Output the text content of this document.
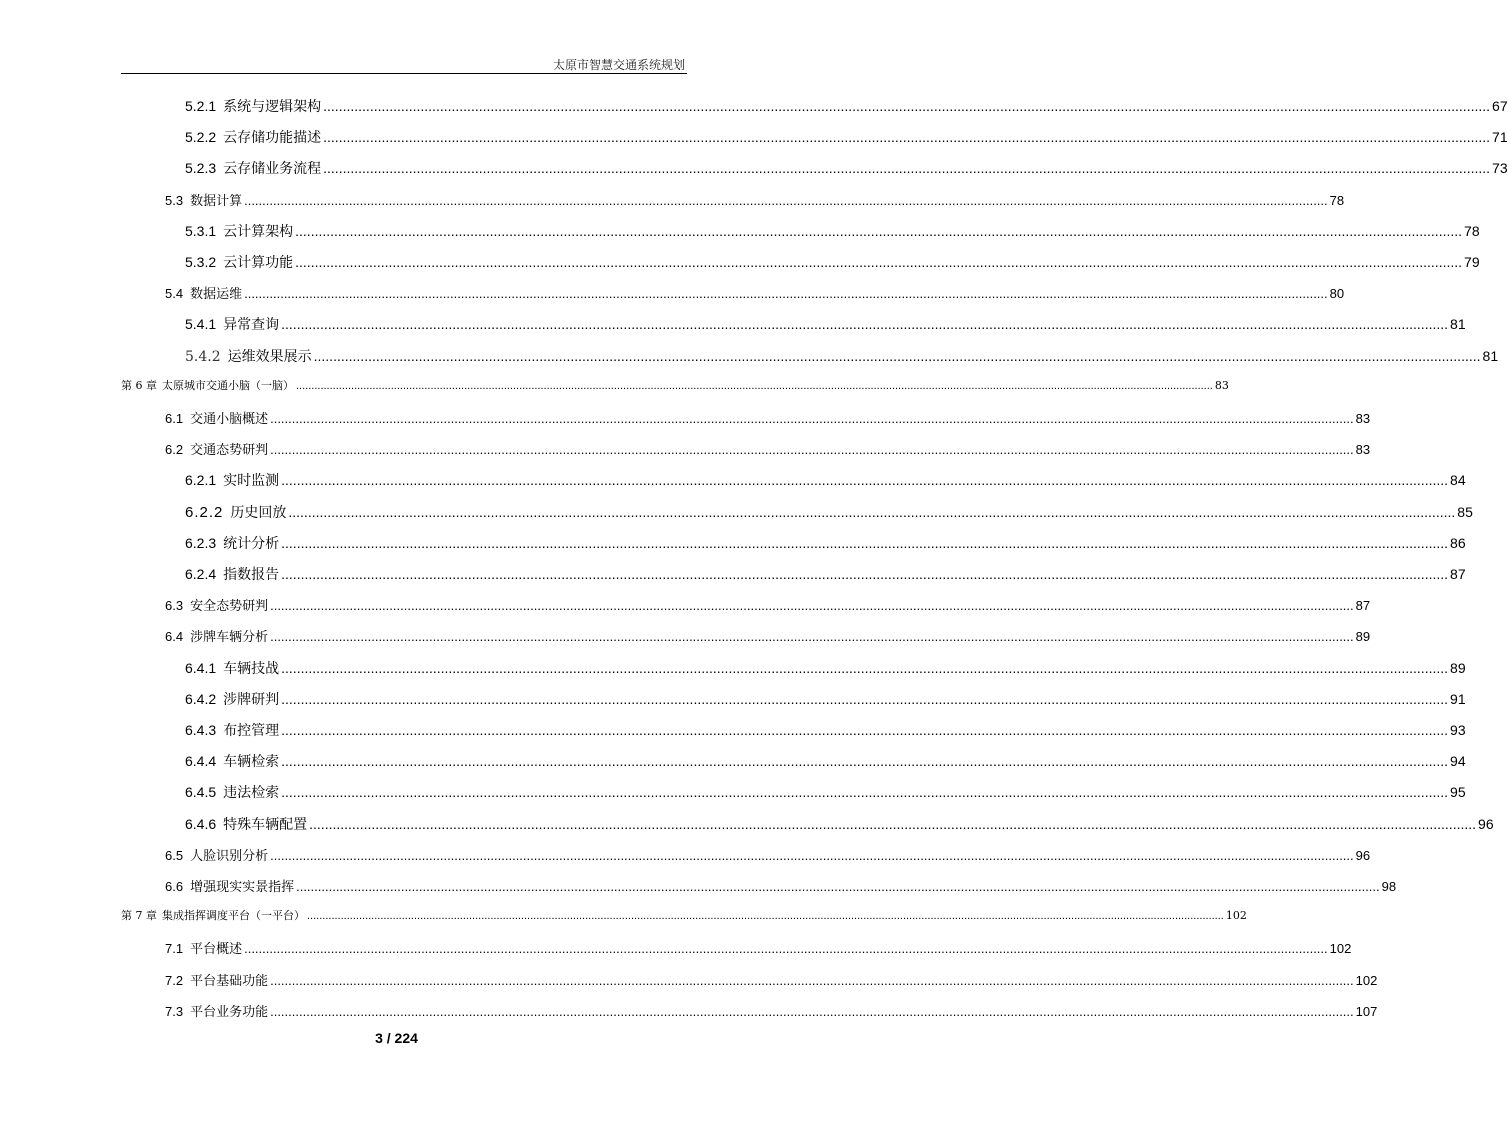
太原市智慧交通系统规划
5.2.1 系统与逻辑架构 ............................................................................................................................................................................................................................................................................................................ 67
5.2.2 云存储功能描述 ............................................................................................................................................................................................................................................................................................................ 71
5.2.3 云存储业务流程 ............................................................................................................................................................................................................................................................................................................ 73
5.3 数据计算 ............................................................................................................................................................................................................................................................................................................ 78
5.3.1 云计算架构 ............................................................................................................................................................................................................................................................................................................ 78
5.3.2 云计算功能 ............................................................................................................................................................................................................................................................................................................ 79
5.4 数据运维 ............................................................................................................................................................................................................................................................................................................ 80
5.4.1 异常查询 ............................................................................................................................................................................................................................................................................................................ 81
5.4.2 运维效果展示 ............................................................................................................................................................................................................................................................................................................ 81
第 6 章 太原城市交通小脑（一脑） ............................................................................................................................................................................................................................................................................................................ 83
6.1 交通小脑概述 ............................................................................................................................................................................................................................................................................................................ 83
6.2 交通态势研判 ............................................................................................................................................................................................................................................................................................................ 83
6.2.1 实时监测 ............................................................................................................................................................................................................................................................................................................ 84
6.2.2 历史回放 ............................................................................................................................................................................................................................................................................................................ 85
6.2.3 统计分析 ............................................................................................................................................................................................................................................................................................................ 86
6.2.4 指数报告 ............................................................................................................................................................................................................................................................................................................ 87
6.3 安全态势研判 ............................................................................................................................................................................................................................................................................................................ 87
6.4 涉牌车辆分析 ............................................................................................................................................................................................................................................................................................................ 89
6.4.1 车辆技战 ............................................................................................................................................................................................................................................................................................................ 89
6.4.2 涉牌研判 ............................................................................................................................................................................................................................................................................................................ 91
6.4.3 布控管理 ............................................................................................................................................................................................................................................................................................................ 93
6.4.4 车辆检索 ............................................................................................................................................................................................................................................................................................................ 94
6.4.5 违法检索 ............................................................................................................................................................................................................................................................................................................ 95
6.4.6 特殊车辆配置 ............................................................................................................................................................................................................................................................................................................ 96
6.5 人脸识别分析 ............................................................................................................................................................................................................................................................................................................ 96
6.6 增强现实实景指挥 ............................................................................................................................................................................................................................................................................................................ 98
第 7 章 集成指挥调度平台（一平台） ............................................................................................................................................................................................................................................................................................................ 102
7.1 平台概述 ............................................................................................................................................................................................................................................................................................................ 102
7.2 平台基础功能 ............................................................................................................................................................................................................................................................................................................ 102
7.3 平台业务功能 ............................................................................................................................................................................................................................................................................................................ 107
3 / 224
